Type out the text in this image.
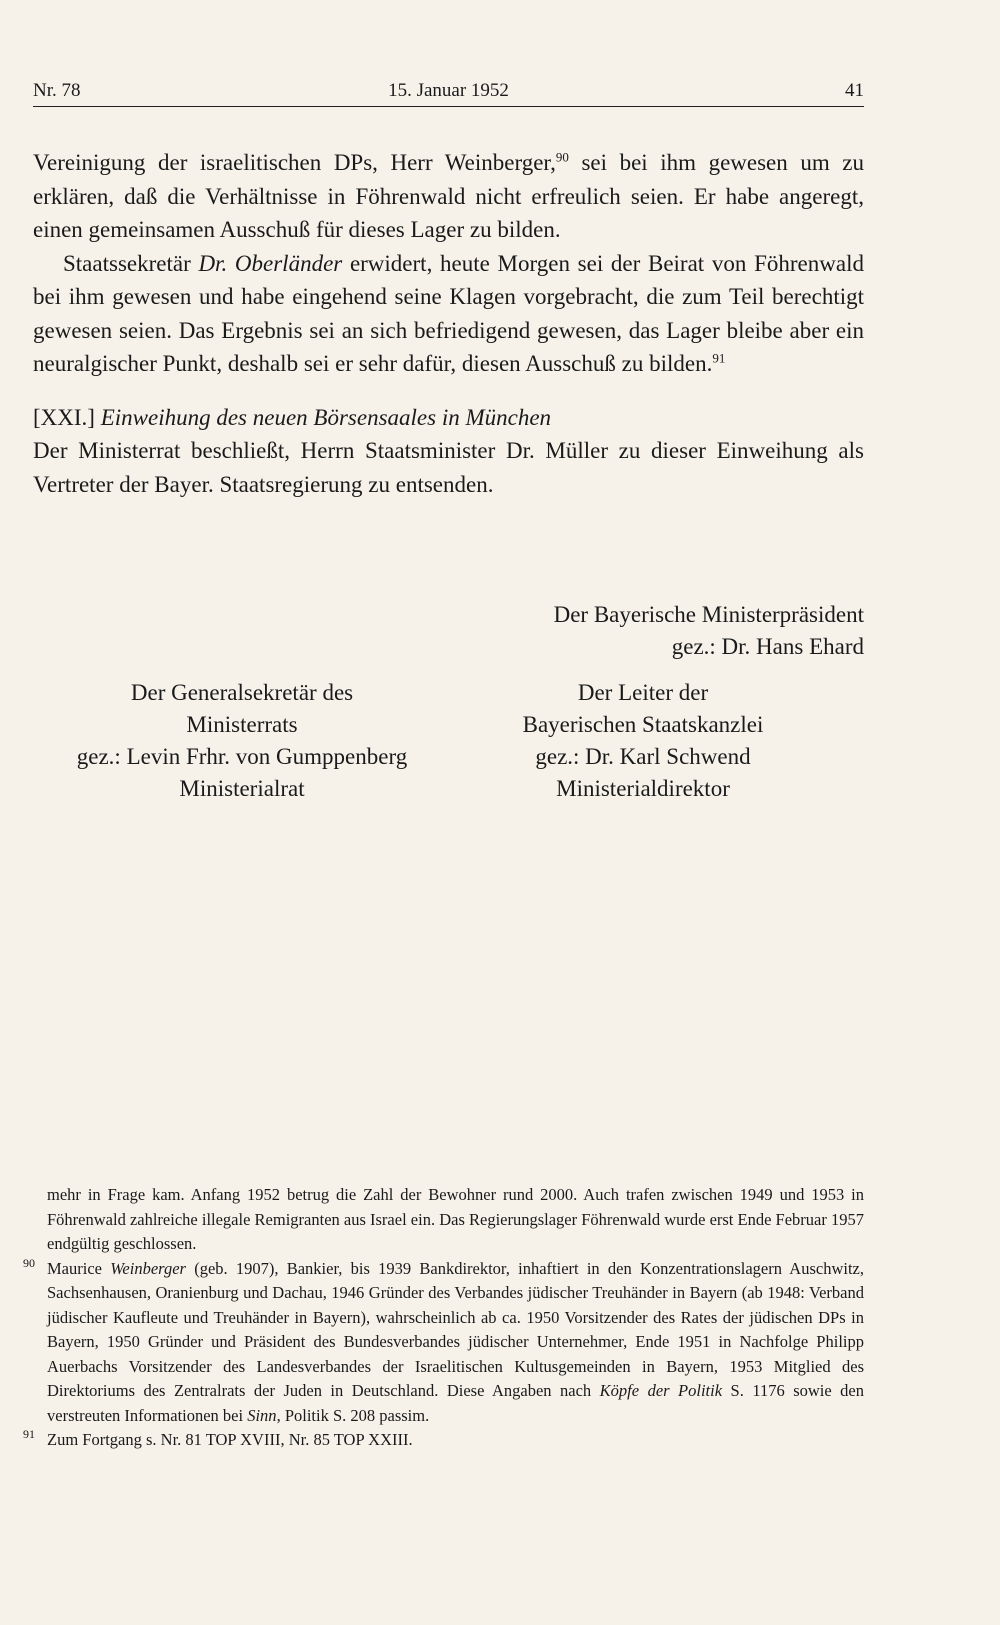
Nr. 78	15. Januar 1952	41

Vereinigung der israelitischen DPs, Herr Weinberger,$^{90}$ sei bei ihm gewesen um zu erklären, daß die Verhältnisse in Föhrenwald nicht erfreulich seien. Er habe angeregt, einen gemeinsamen Ausschuß für dieses Lager zu bilden.

Staatssekretär Dr. Oberländer erwidert, heute Morgen sei der Beirat von Föhrenwald bei ihm gewesen und habe eingehend seine Klagen vorgebracht, die zum Teil berechtigt gewesen seien. Das Ergebnis sei an sich befriedigend gewesen, das Lager bleibe aber ein neuralgischer Punkt, deshalb sei er sehr dafür, diesen Ausschuß zu bilden.$^{91}$

[XXI.] Einweihung des neuen Börsensaales in München

Der Ministerrat beschließt, Herrn Staatsminister Dr. Müller zu dieser Einweihung als Vertreter der Bayer. Staatsregierung zu entsenden.

Der Bayerische Ministerpräsident
gez.: Dr. Hans Ehard
Der Generalsekretär des
Ministerrats
gez.: Levin Frhr. von Gumppenberg
Ministerialrat
Der Leiter der
Bayerischen Staatskanzlei
gez.: Dr. Karl Schwend
Ministerialdirektor
mehr in Frage kam. Anfang 1952 betrug die Zahl der Bewohner rund 2000. Auch trafen zwischen 1949 und 1953 in Föhrenwald zahlreiche illegale Remigranten aus Israel ein. Das Regierungslager Föhrenwald wurde erst Ende Februar 1957 endgültig geschlossen.
90 Maurice Weinberger (geb. 1907), Bankier, bis 1939 Bankdirektor, inhaftiert in den Konzentrationslagern Auschwitz, Sachsenhausen, Oranienburg und Dachau, 1946 Gründer des Verbandes jüdischer Treuhänder in Bayern (ab 1948: Verband jüdischer Kaufleute und Treuhänder in Bayern), wahrscheinlich ab ca. 1950 Vorsitzender des Rates der jüdischen DPs in Bayern, 1950 Gründer und Präsident des Bundesverbandes jüdischer Unternehmer, Ende 1951 in Nachfolge Philipp Auerbachs Vorsitzender des Landesverbandes der Israelitischen Kultusgemeinden in Bayern, 1953 Mitglied des Direktoriums des Zentralrats der Juden in Deutschland. Diese Angaben nach Köpfe der Politik S. 1176 sowie den verstreuten Informationen bei Sinn, Politik S. 208 passim.
91 Zum Fortgang s. Nr. 81 TOP XVIII, Nr. 85 TOP XXIII.
